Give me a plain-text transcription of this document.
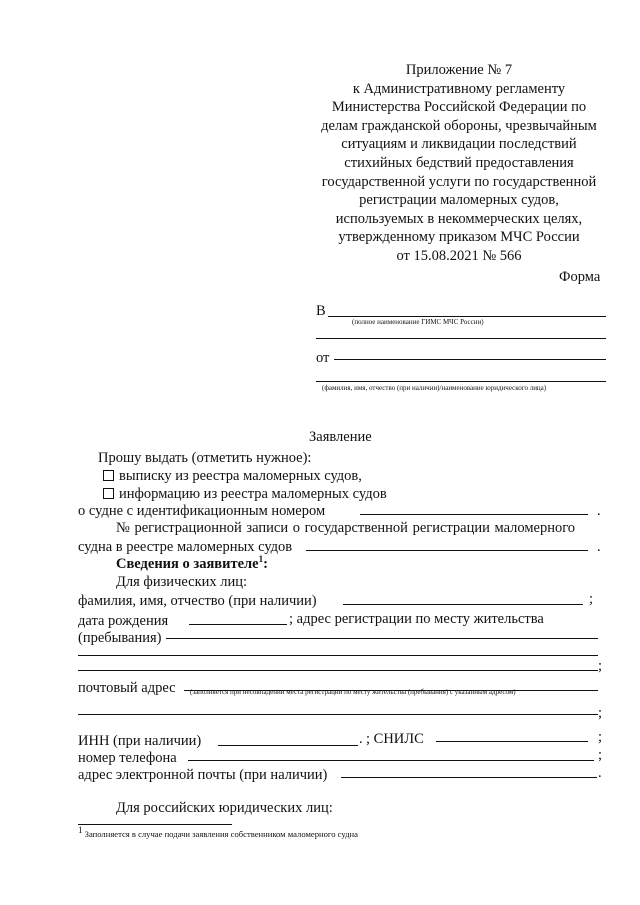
Приложение № 7
к Административному регламенту
Министерства Российской Федерации по
делам гражданской обороны, чрезвычайным
ситуациям и ликвидации последствий
стихийных бедствий предоставления
государственной услуги по государственной
регистрации маломерных судов,
используемых в некоммерческих целях,
утвержденному приказом МЧС России
от 15.08.2021 № 566
Форма
В
(полное наименование ГИМС МЧС России)
от
(фамилия, имя, отчество (при наличии)/наименование юридического лица)
Заявление
Прошу выдать (отметить нужное):
выписку из реестра маломерных судов,
информацию из реестра маломерных судов
о судне с идентификационным номером	.
№ регистрационной записи о государственной регистрации маломерного
судна в реестре маломерных судов	.
Сведения о заявителе$^1$:
Для физических лиц:
фамилия, имя, отчество (при наличии)	;
дата рождения	; адрес регистрации по месту жительства
(пребывания)
;
почтовый адрес (заполняется при несовпадении места регистрации по месту жительства (пребывания) с указанным адресом)
;
ИНН (при наличии)	. ; СНИЛС	;
номер телефона	;
адрес электронной почты (при наличии)	.
Для российских юридических лиц:
$^1$ Заполняется в случае подачи заявления собственником маломерного судна
